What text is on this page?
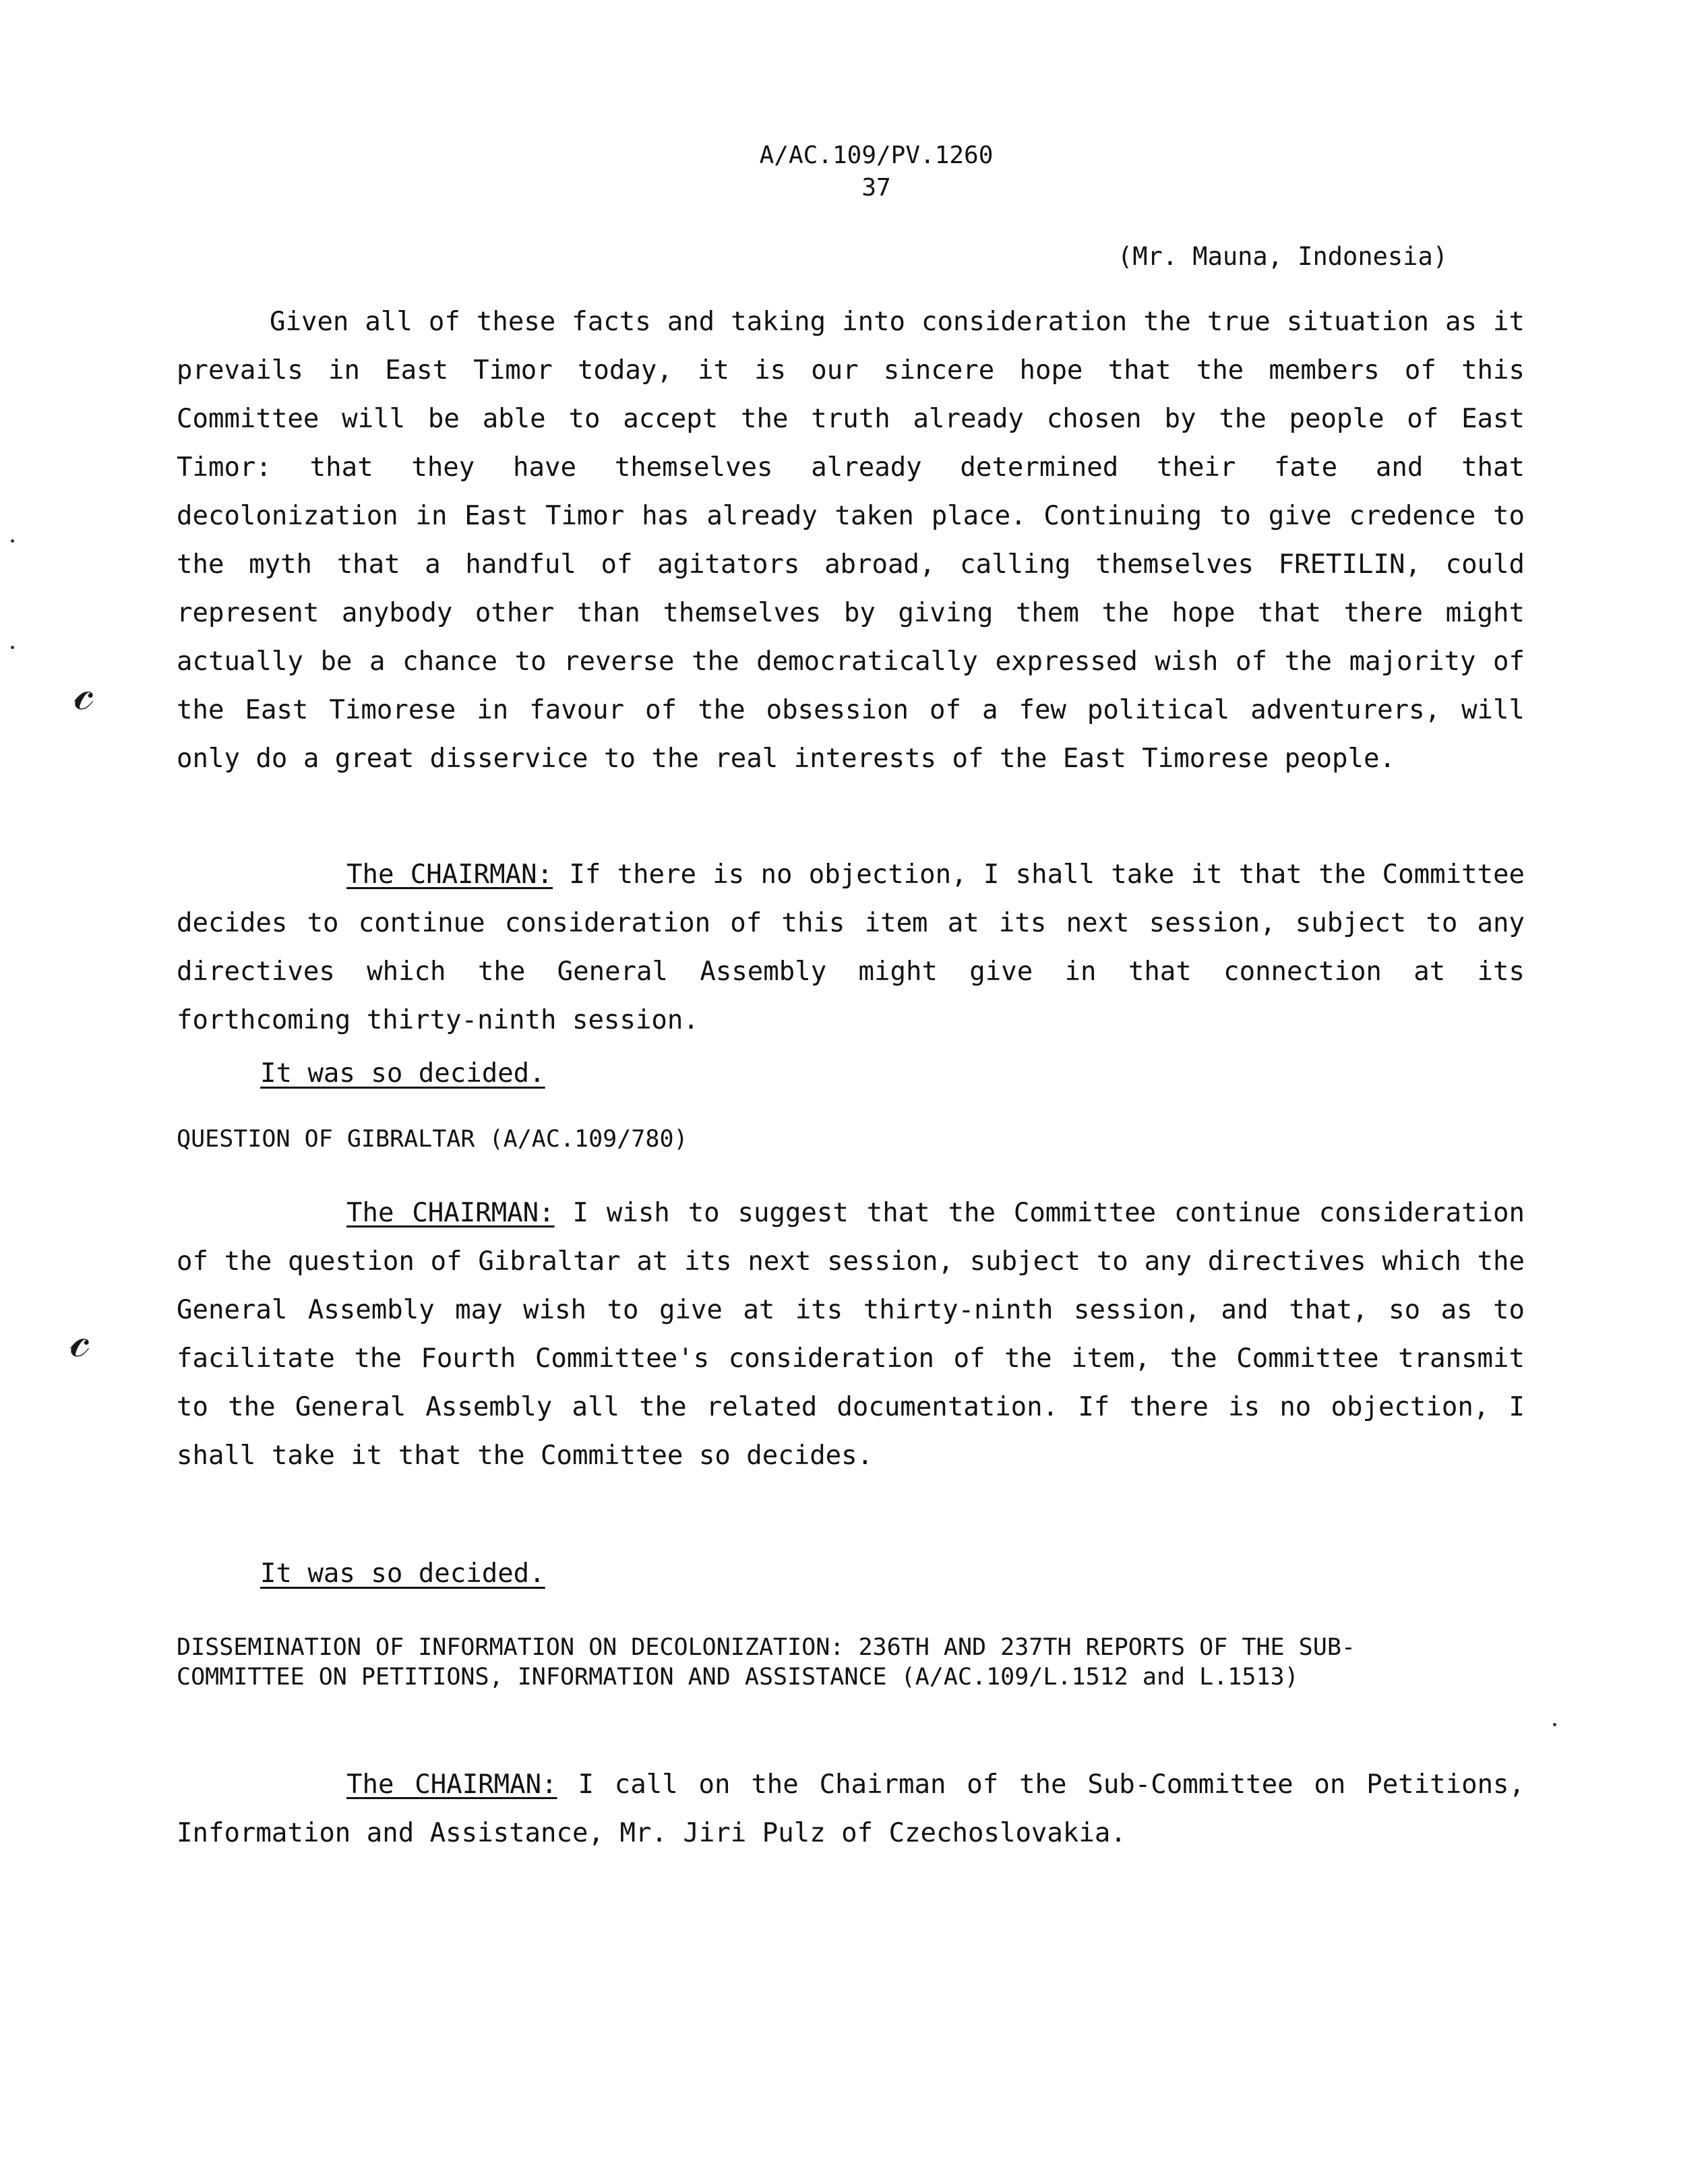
A/AC.109/PV.1260
37
(Mr. Mauna, Indonesia)

Given all of these facts and taking into consideration the true situation as it prevails in East Timor today, it is our sincere hope that the members of this Committee will be able to accept the truth already chosen by the people of East Timor: that they have themselves already determined their fate and that decolonization in East Timor has already taken place. Continuing to give credence to the myth that a handful of agitators abroad, calling themselves FRETILIN, could represent anybody other than themselves by giving them the hope that there might actually be a chance to reverse the democratically expressed wish of the majority of the East Timorese in favour of the obsession of a few political adventurers, will only do a great disservice to the real interests of the East Timorese people.

The CHAIRMAN: If there is no objection, I shall take it that the Committee decides to continue consideration of this item at its next session, subject to any directives which the General Assembly might give in that connection at its forthcoming thirty-ninth session.

It was so decided.

QUESTION OF GIBRALTAR (A/AC.109/780)

The CHAIRMAN: I wish to suggest that the Committee continue consideration of the question of Gibraltar at its next session, subject to any directives which the General Assembly may wish to give at its thirty-ninth session, and that, so as to facilitate the Fourth Committee's consideration of the item, the Committee transmit to the General Assembly all the related documentation. If there is no objection, I shall take it that the Committee so decides.

It was so decided.

DISSEMINATION OF INFORMATION ON DECOLONIZATION: 236TH AND 237TH REPORTS OF THE SUB-COMMITTEE ON PETITIONS, INFORMATION AND ASSISTANCE (A/AC.109/L.1512 and L.1513)

The CHAIRMAN: I call on the Chairman of the Sub-Committee on Petitions, Information and Assistance, Mr. Jiri Pulz of Czechoslovakia.

𝒸
𝒸
